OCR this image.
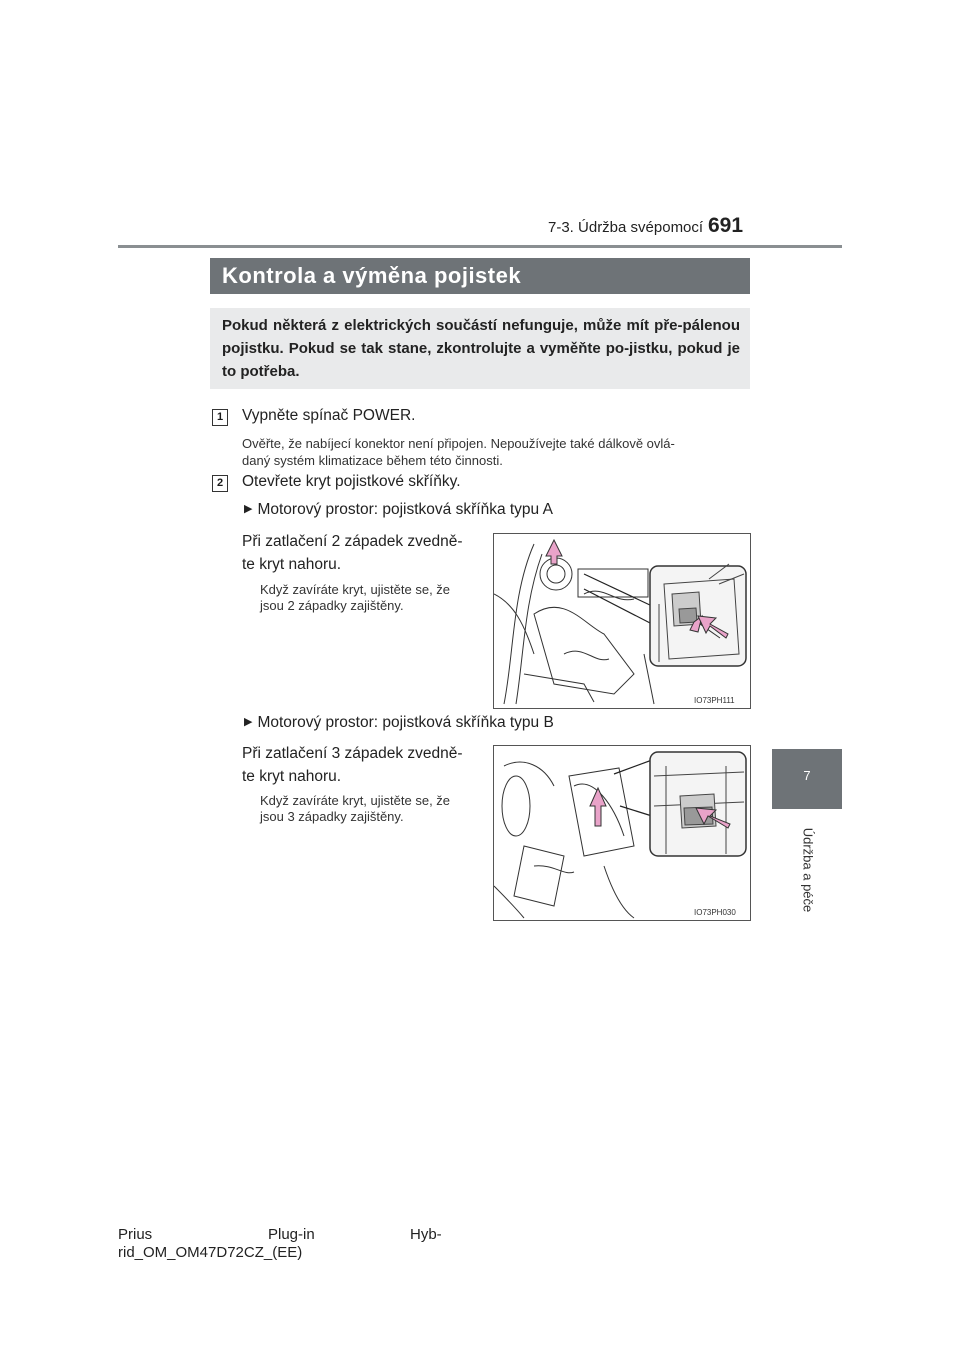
7-3. Údržba svépomocí 691
7
Údržba a péče
Kontrola a výměna pojistek
Pokud některá z elektrických součástí nefunguje, může mít pře-pálenou pojistku. Pokud se tak stane, zkontrolujte a vyměňte po-jistku, pokud je to potřeba.
1	Vypněte spínač POWER.
Ověřte, že nabíjecí konektor není připojen. Nepoužívejte také dálkově ovlá-
daný systém klimatizace během této činnosti.
2	Otevřete kryt pojistkové skříňky.
▶ Motorový prostor: pojistková skříňka typu A
Při zatlačení 2 západek zvedně-
te kryt nahoru.
Když zavíráte kryt, ujistěte se, že
jsou 2 západky zajištěny.
IO73PH111
▶ Motorový prostor: pojistková skříňka typu B
Při zatlačení 3 západek zvedně-
te kryt nahoru.
Když zavíráte kryt, ujistěte se, že
jsou 3 západky zajištěny.
IO73PH030
Prius	Plug-in	Hyb-
rid_OM_OM47D72CZ_(EE)
